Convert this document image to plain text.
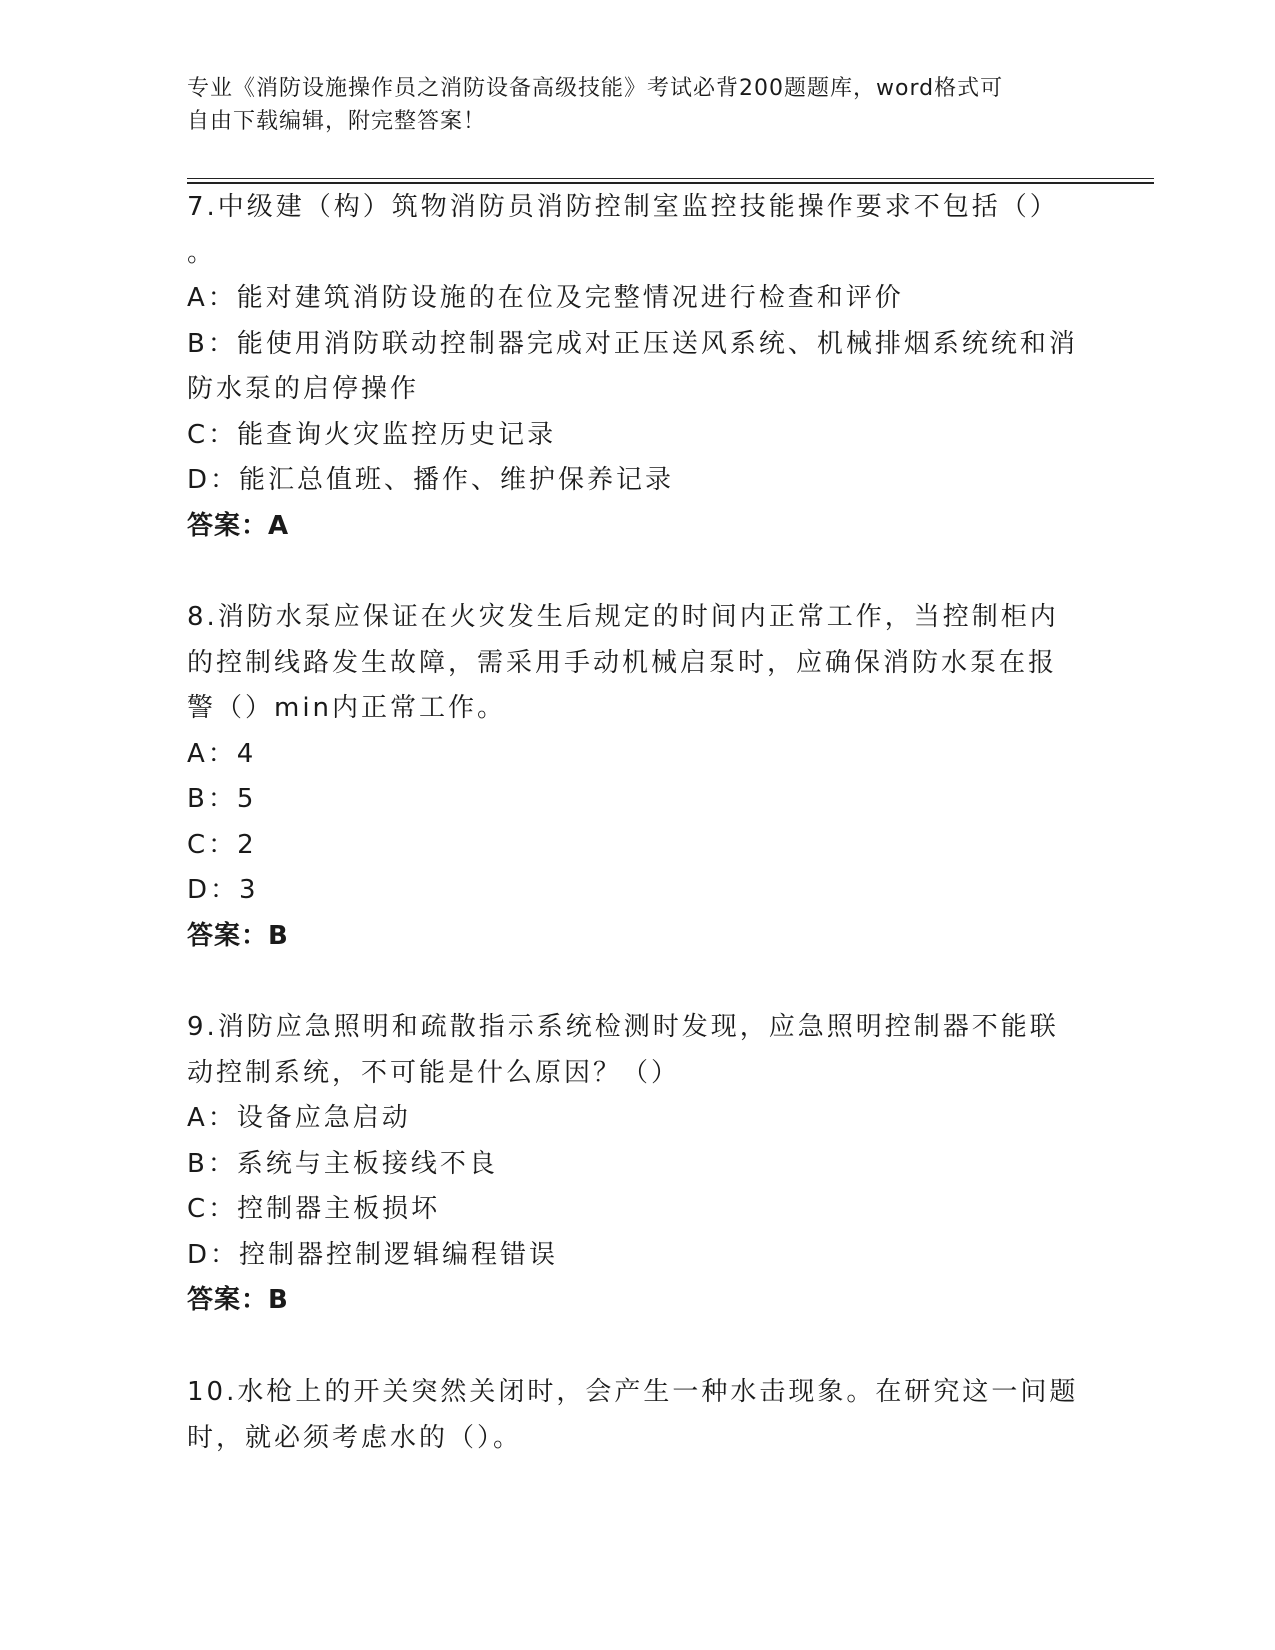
专业《消防设施操作员之消防设备高级技能》考试必背200题题库，word格式可
自由下载编辑，附完整答案！
7.中级建（构）筑物消防员消防控制室监控技能操作要求不包括（）
。
A：能对建筑消防设施的在位及完整情况进行检查和评价
B：能使用消防联动控制器完成对正压送风系统、机械排烟系统统和消
防水泵的启停操作
C：能查询火灾监控历史记录
D：能汇总值班、播作、维护保养记录
答案：A
8.消防水泵应保证在火灾发生后规定的时间内正常工作，当控制柜内
的控制线路发生故障，需采用手动机械启泵时，应确保消防水泵在报
警（）min内正常工作。
A：4
B：5
C：2
D：3
答案：B
9.消防应急照明和疏散指示系统检测时发现，应急照明控制器不能联
动控制系统，不可能是什么原因？（）
A：设备应急启动
B：系统与主板接线不良
C：控制器主板损坏
D：控制器控制逻辑编程错误
答案：B
10.水枪上的开关突然关闭时，会产生一种水击现象。在研究这一问题
时，就必须考虑水的（）。
